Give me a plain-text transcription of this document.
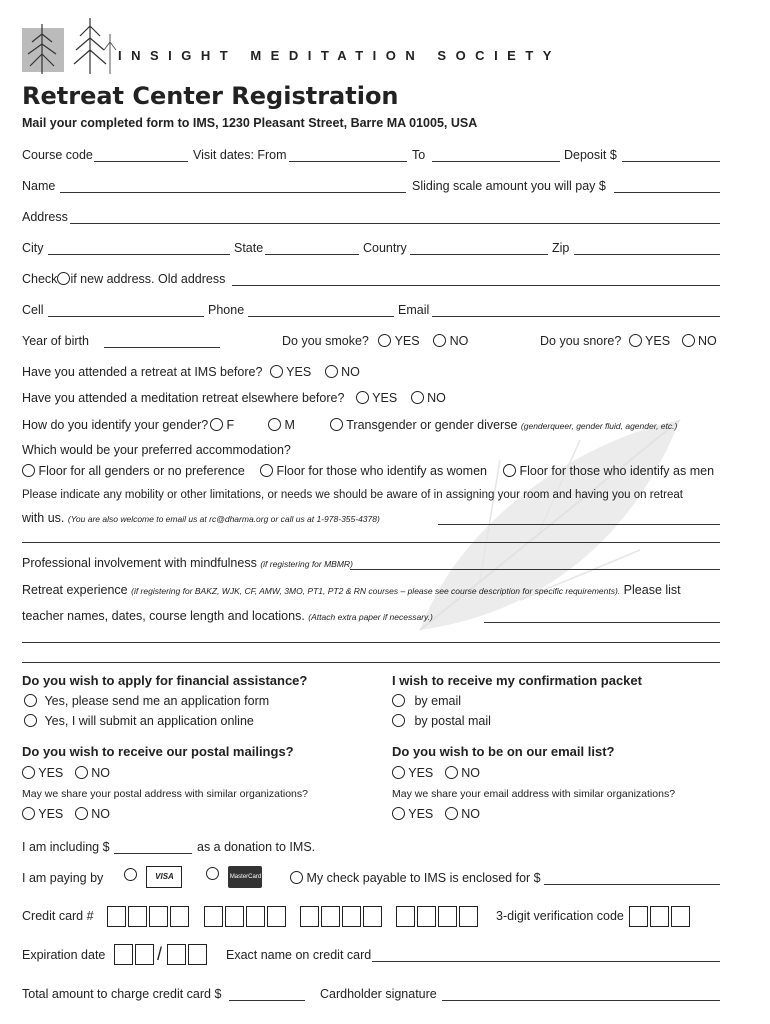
INSIGHT MEDITATION SOCIETY
Retreat Center Registration
Mail your completed form to IMS, 1230 Pleasant Street, Barre MA 01005, USA
Course code	Visit dates: From	To	Deposit $
Name	Sliding scale amount you will pay $
Address
City	State	Country	Zip
Check if new address. Old address
Cell	Phone	Email
Year of birth	Do you smoke? YES NO	Do you snore? YES NO
Have you attended a retreat at IMS before? YES NO
Have you attended a meditation retreat elsewhere before? YES NO
How do you identify your gender?	F	M	Transgender or gender diverse (genderqueer, gender fluid, agender, etc.)
Which would be your preferred accommodation?
Floor for all genders or no preference	Floor for those who identify as women	Floor for those who identify as men
Please indicate any mobility or other limitations, or needs we should be aware of in assigning your room and having you on retreat
with us. (You are also welcome to email us at rc@dharma.org or call us at 1-978-355-4378)
Professional involvement with mindfulness (if registering for MBMR)
Retreat experience (if registering for BAKZ, WJK, CF, AMW, 3MO, PT1, PT2 & RN courses – please see course description for specific requirements). Please list
teacher names, dates, course length and locations. (Attach extra paper if necessary.)
Do you wish to apply for financial assistance?
Yes, please send me an application form
Yes, I will submit an application online
I wish to receive my confirmation packet
by email
by postal mail
Do you wish to receive our postal mailings?
YES NO
May we share your postal address with similar organizations?
YES NO
Do you wish to be on our email list?
YES NO
May we share your email address with similar organizations?
YES NO
I am including $	as a donation to IMS.
I am paying by	VISA	MasterCard	My check payable to IMS is enclosed for $
Credit card #	3-digit verification code
Expiration date	/	Exact name on credit card
Total amount to charge credit card $	Cardholder signature
